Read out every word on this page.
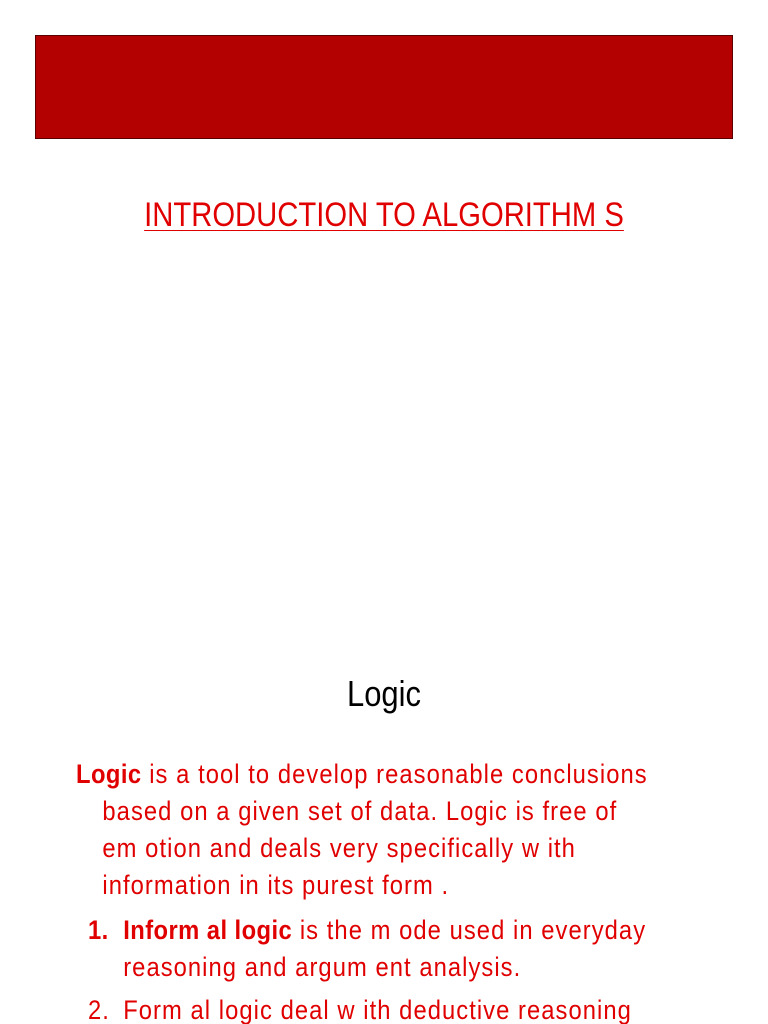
INTRODUCTION TO ALGORITHM S
Logic
Logic is a tool to develop reasonable conclusions
based on a given set of data. Logic is free of
em otion and deals very specifically w ith
information in its purest form .
1. Inform al logic is the m ode used in everyday
reasoning and argum ent analysis.
2. Form al logic deal w ith deductive reasoning
